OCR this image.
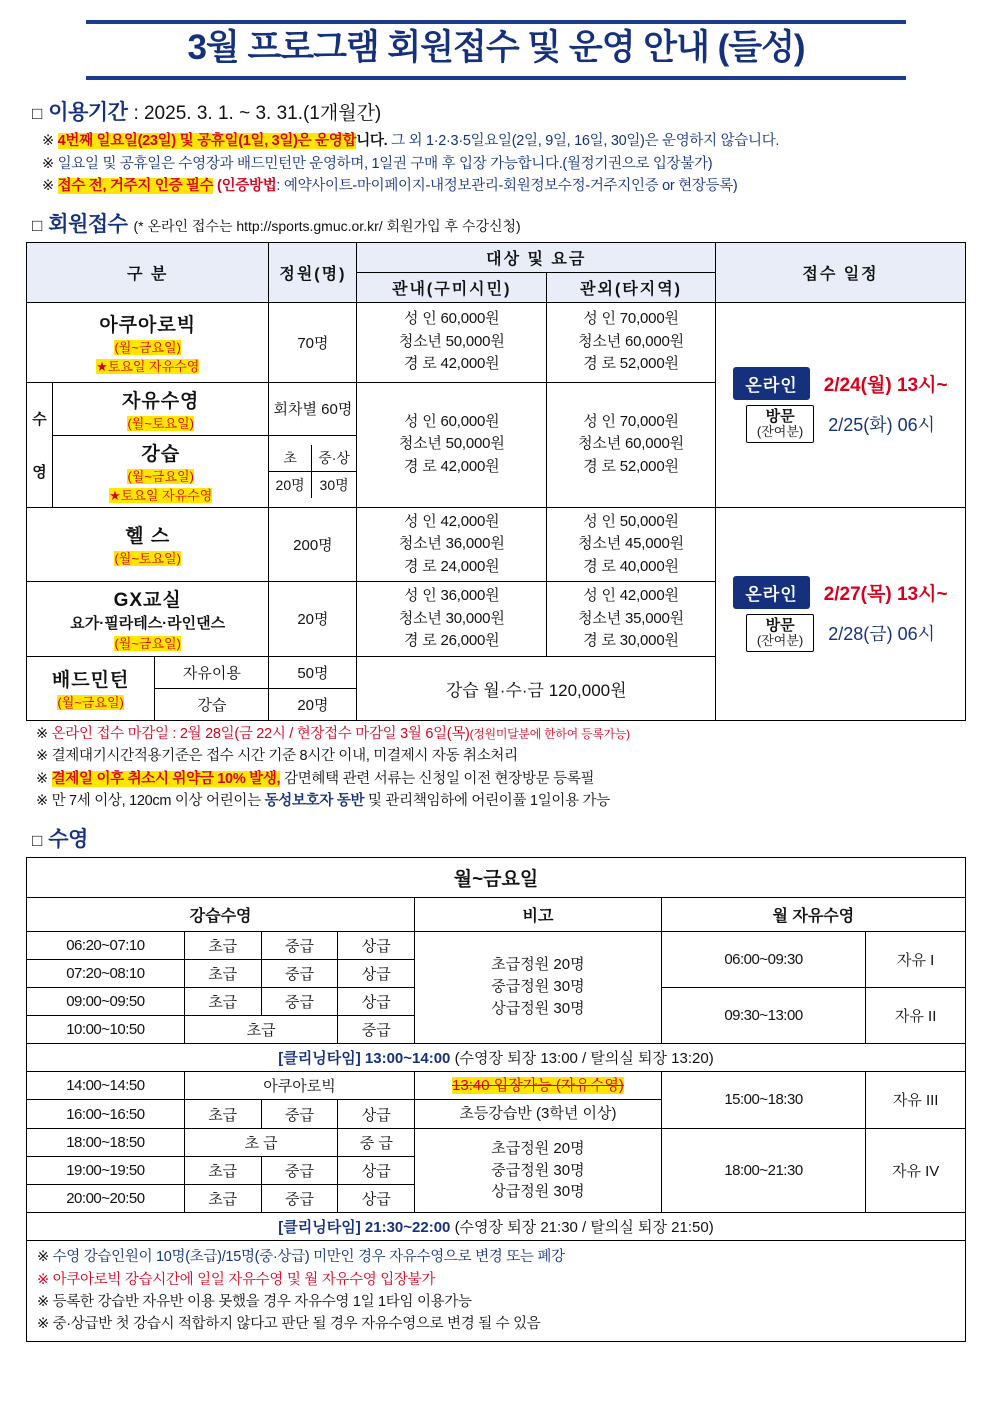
3월 프로그램 회원접수 및 운영 안내 (들성)
□ 이용기간 : 2025. 3. 1. ~ 3. 31.(1개월간)
※ 4번째 일요일(23일) 및 공휴일(1일, 3일)은 운영합니다. 그 외 1·2·3·5일요일(2일, 9일, 16일, 30일)은 운영하지 않습니다.
※ 일요일 및 공휴일은 수영장과 배드민턴만 운영하며, 1일권 구매 후 입장 가능합니다.(월정기권으로 입장불가)
※ 접수 전, 거주지 인증 필수 (인증방법: 예약사이트-마이페이지-내정보관리-회원정보수정-거주지인증 or 현장등록)
□ 회원접수 (* 온라인 접수는 http://sports.gmuc.or.kr/ 회원가입 후 수강신청)
구 분	정원(명)	대상 및 요금	접수 일정
관내(구미시민)	관외(타지역)

아쿠아로빅
(월~금요일)
★토요일 자유수영
	70명	
성 인 60,000원
청소년 50,000원
경 로 42,000원

성 인 70,000원
청소년 60,000원
경 로 52,000원

온라인	2/24(월) 13시~
방문
(잔여분)	2/25(화) 06시

수
영

자유수영
(월~토요일)
	회차별 60명	
성 인 60,000원
청소년 50,000원
경 로 42,000원

성 인 70,000원
청소년 60,000원
경 로 52,000원

강습
(월~금요일)
★토요일 자유수영

초	중·상
20명	30명

헬 스
(월~토요일)
	200명	
성 인 42,000원
청소년 36,000원
경 로 24,000원

성 인 50,000원
청소년 45,000원
경 로 40,000원

온라인	2/27(목) 13시~
방문
(잔여분)	2/28(금) 06시

GX교실
요가·필라테스·라인댄스
(월~금요일)
	20명	
성 인 36,000원
청소년 30,000원
경 로 26,000원

성 인 42,000원
청소년 35,000원
경 로 30,000원

배드민턴
(월~금요일)
	자유이용	50명	강습 월·수·금 120,000원
강습	20명
※ 온라인 접수 마감일 : 2월 28일(금 22시 / 현장접수 마감일 3월 6일(목)(정원미달분에 한하여 등록가능)
※ 결제대기시간적용기준은 접수 시간 기준 8시간 이내, 미결제시 자동 취소처리
※ 결제일 이후 취소시 위약금 10% 발생, 감면혜택 관련 서류는 신청일 이전 현장방문 등록필
※ 만 7세 이상, 120cm 이상 어린이는 동성보호자 동반 및 관리책임하에 어린이풀 1일이용 가능
□ 수영
월~금요일						
강습수영				비고	월 자유수영	
06:20~07:10	초급	중급	상급	초급정원 20명
중급정원 30명
상급정원 30명	06:00~09:30	자유 I
07:20~08:10	초급	중급	상급			
09:00~09:50	초급	중급	상급		09:30~13:00	자유 II
10:00~10:50	초급		중급			
[클리닝타임] 13:00~14:00 (수영장 퇴장 13:00 / 탈의실 퇴장 13:20)						
14:00~14:50	아쿠아로빅			13:40 입장가능 (자유수영)	15:00~18:30	자유 III
16:00~16:50	초급	중급	상급	초등강습반 (3학년 이상)		
18:00~18:50	초 급		중 급	초급정원 20명
중급정원 30명
상급정원 30명	18:00~21:30	자유 IV
19:00~19:50	초급	중급	상급			
20:00~20:50	초급	중급	상급			
[클리닝타임] 21:30~22:00 (수영장 퇴장 21:30 / 탈의실 퇴장 21:50)						

※ 수영 강습인원이 10명(초급)/15명(중·상급) 미만인 경우 자유수영으로 변경 또는 폐강
※ 아쿠아로빅 강습시간에 일일 자유수영 및 월 자유수영 입장불가
※ 등록한 강습반 자유반 이용 못했을 경우 자유수영 1일 1타임 이용가능
※ 중·상급반 첫 강습시 적합하지 않다고 판단 될 경우 자유수영으로 변경 될 수 있음						
